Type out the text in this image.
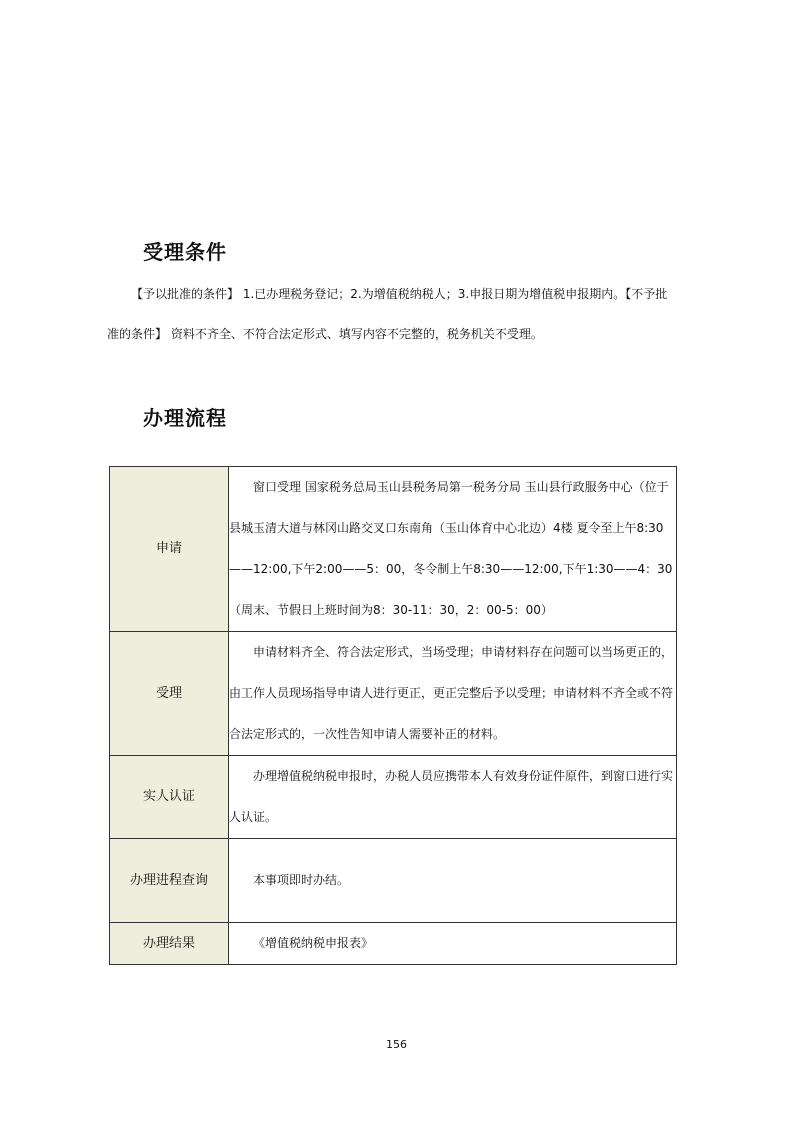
受理条件
【予以批准的条件】 1.已办理税务登记；2.为增值税纳税人；3.申报日期为增值税申报期内。【不予批准的条件】 资料不齐全、不符合法定形式、填写内容不完整的，税务机关不受理。
办理流程
申请	窗口受理 国家税务总局玉山县税务局第一税务分局 玉山县行政服务中心（位于县城玉清大道与林冈山路交叉口东南角（玉山体育中心北边）4楼 夏令至上午8:30——12:00,下午2:00——5：00，冬令制上午8:30——12:00,下午1:30——4：30（周末、节假日上班时间为8：30-11：30，2：00-5：00）
受理	申请材料齐全、符合法定形式，当场受理；申请材料存在问题可以当场更正的，由工作人员现场指导申请人进行更正，更正完整后予以受理；申请材料不齐全或不符合法定形式的，一次性告知申请人需要补正的材料。
实人认证	办理增值税纳税申报时，办税人员应携带本人有效身份证件原件，到窗口进行实人认证。
办理进程查询	本事项即时办结。
办理结果	《增值税纳税申报表》
156
